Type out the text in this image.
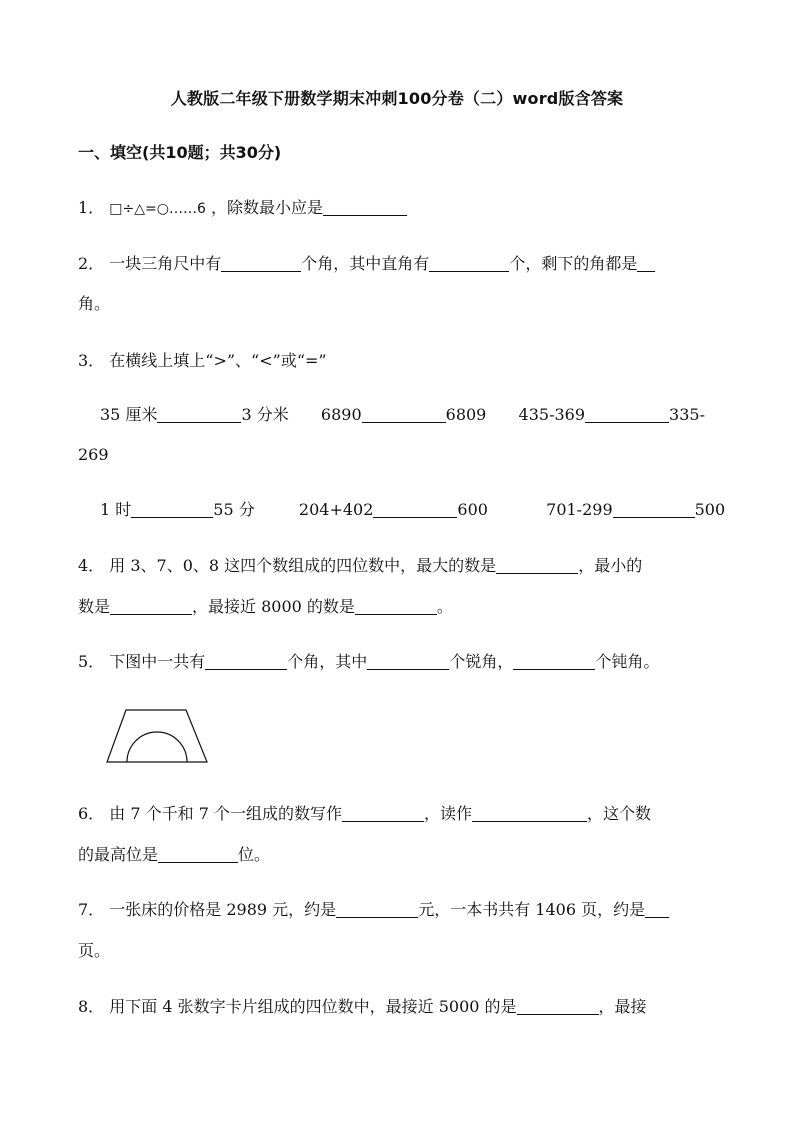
人教版二年级下册数学期末冲刺100分卷（二）word版含答案
一、填空(共10题；共30分)
1． □÷△=○……6 ，除数最小应是
2． 一块三角尺中有	个角，其中直角有	个，剩下的角都是
角。
3． 在横线上填上“>”、“<”或“=”
35 厘米	3 分米 6890	6809 435-369	335-
269
1 时	55 分	204+402	600	701-299	500
4． 用 3、7、0、8 这四个数组成的四位数中，最大的数是	，最小的
数是	，最接近 8000 的数是	。
5． 下图中一共有	个角，其中	个锐角，	个钝角。
6． 由 7 个千和 7 个一组成的数写作	，读作	，这个数
的最高位是	位。
7． 一张床的价格是 2989 元，约是	元，一本书共有 1406 页，约是
页。
8． 用下面 4 张数字卡片组成的四位数中，最接近 5000 的是	，最接
